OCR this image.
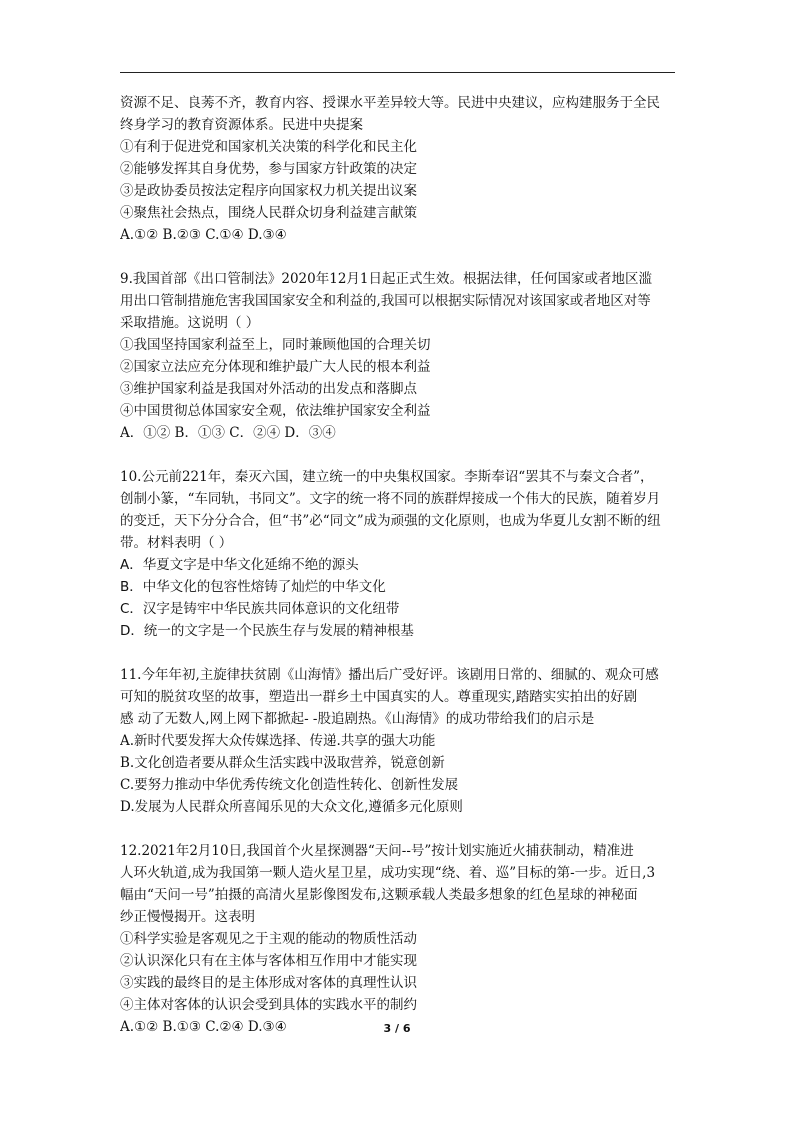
资源不足、良莠不齐，教育内容、授课水平差异较大等。民进中央建议，应构建服务于全民
终身学习的教育资源体系。民进中央提案
①有利于促进党和国家机关决策的科学化和民主化
②能够发挥其自身优势，参与国家方针政策的决定
③是政协委员按法定程序向国家权力机关提出议案
④聚焦社会热点，围绕人民群众切身利益建言献策
A.①② B.②③ C.①④ D.③④
9.我国首部《出口管制法》2020年12月1日起正式生效。根据法律，任何国家或者地区滥
用出口管制措施危害我国国家安全和利益的,我国可以根据实际情况对该国家或者地区对等
采取措施。这说明（ ）
①我国坚持国家利益至上，同时兼顾他国的合理关切
②国家立法应充分体现和维护最广大人民的根本利益
③维护国家利益是我国对外活动的出发点和落脚点
④中国贯彻总体国家安全观，依法维护国家安全利益
A．①② B．①③ C．②④ D．③④
10.公元前221年，秦灭六国，建立统一的中央集权国家。李斯奉诏“罢其不与秦文合者”，
创制小篆，“车同轨，书同文”。文字的统一将不同的族群焊接成一个伟大的民族，随着岁月
的变迁，天下分分合合，但“书”必“同文”成为顽强的文化原则，也成为华夏儿女割不断的纽
带。材料表明（ ）
A．华夏文字是中华文化延绵不绝的源头
B．中华文化的包容性熔铸了灿烂的中华文化
C．汉字是铸牢中华民族共同体意识的文化纽带
D．统一的文字是一个民族生存与发展的精神根基
11.今年年初,主旋律扶贫剧《山海情》播出后广受好评。该剧用日常的、细腻的、观众可感
可知的脱贫攻坚的故事，塑造出一群乡土中国真实的人。尊重现实,踏踏实实拍出的好剧
感 动了无数人,网上网下都掀起- -股追剧热。《山海情》的成功带给我们的启示是
A.新时代要发挥大众传媒选择、传递.共享的强大功能
B.文化创造者要从群众生活实践中汲取营养，锐意创新
C.要努力推动中华优秀传统文化创造性转化、创新性发展
D.发展为人民群众所喜闻乐见的大众文化,遵循多元化原则
12.2021年2月10日,我国首个火星探测器“天问--号”按计划实施近火捕获制动，精准进
人环火轨道,成为我国第一颗人造火星卫星，成功实现“绕、着、巡”目标的第-一步。近日,3
幅由“天问一号”拍摄的高清火星影像图发布,这颗承载人类最多想象的红色星球的神秘面
纱正慢慢揭开。这表明
①科学实验是客观见之于主观的能动的物质性活动
②认识深化只有在主体与客体相互作用中才能实现
③实践的最终目的是主体形成对客体的真理性认识
④主体对客体的认识会受到具体的实践水平的制约
A.①② B.①③ C.②④ D.③④	3 / 6
